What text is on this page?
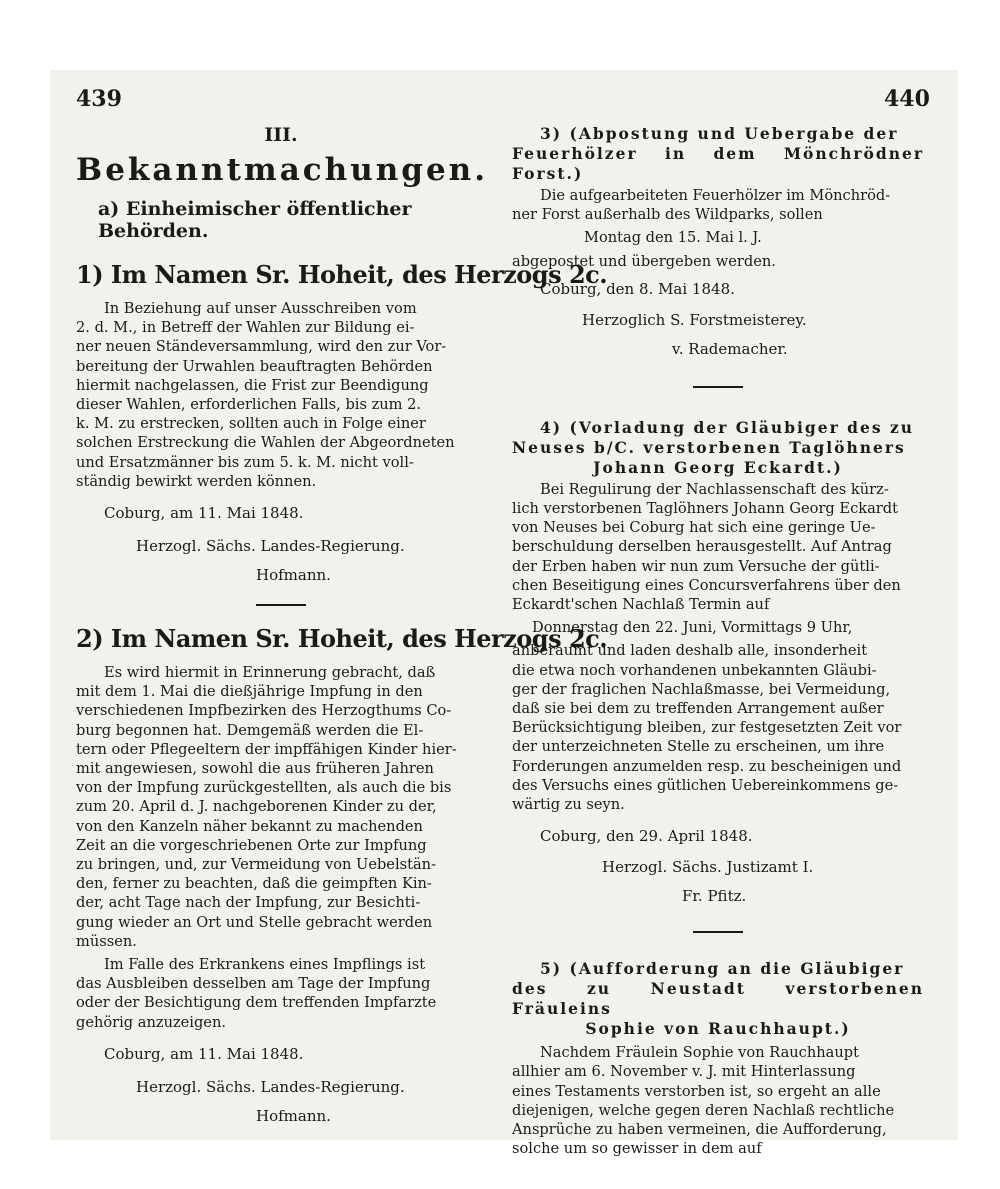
439	440

III.

Bekanntmachungen.

a) Einheimischer öffentlicher Behörden.

1) Im Namen Sr. Hoheit, des Herzogs 2c.

In Beziehung auf unser Ausschreiben vom

2. d. M., in Betreff der Wahlen zur Bildung ei-

ner neuen Ständeversammlung, wird den zur Vor-

bereitung der Urwahlen beauftragten Behörden

hiermit nachgelassen, die Frist zur Beendigung

dieser Wahlen, erforderlichen Falls, bis zum 2.

k. M. zu erstrecken, sollten auch in Folge einer

solchen Erstreckung die Wahlen der Abgeordneten

und Ersatzmänner bis zum 5. k. M. nicht voll-

ständig bewirkt werden können.

Coburg, am 11. Mai 1848.

Herzogl. Sächs. Landes-Regierung.

Hofmann.

2) Im Namen Sr. Hoheit, des Herzogs 2c.

Es wird hiermit in Erinnerung gebracht, daß

mit dem 1. Mai die dießjährige Impfung in den

verschiedenen Impfbezirken des Herzogthums Co-

burg begonnen hat. Demgemäß werden die El-

tern oder Pflegeeltern der impffähigen Kinder hier-

mit angewiesen, sowohl die aus früheren Jahren

von der Impfung zurückgestellten, als auch die bis

zum 20. April d. J. nachgeborenen Kinder zu der,

von den Kanzeln näher bekannt zu machenden

Zeit an die vorgeschriebenen Orte zur Impfung

zu bringen, und, zur Vermeidung von Uebelstän-

den, ferner zu beachten, daß die geimpften Kin-

der, acht Tage nach der Impfung, zur Besichti-

gung wieder an Ort und Stelle gebracht werden

müssen.

Im Falle des Erkrankens eines Impflings ist

das Ausbleiben desselben am Tage der Impfung

oder der Besichtigung dem treffenden Impfarzte

gehörig anzuzeigen.

Coburg, am 11. Mai 1848.

Herzogl. Sächs. Landes-Regierung.

Hofmann.

3) (Abpostung und Uebergabe der

Feuerhölzer in dem Mönchrödner Forst.)

Die aufgearbeiteten Feuerhölzer im Mönchröd-

ner Forst außerhalb des Wildparks, sollen

Montag den 15. Mai l. J.

abgepostet und übergeben werden.

Coburg, den 8. Mai 1848.

Herzoglich S. Forstmeisterey.

v. Rademacher.

4) (Vorladung der Gläubiger des zu

Neuses b/C. verstorbenen Taglöhners

Johann Georg Eckardt.)

Bei Regulirung der Nachlassenschaft des kürz-

lich verstorbenen Taglöhners Johann Georg Eckardt

von Neuses bei Coburg hat sich eine geringe Ue-

berschuldung derselben herausgestellt. Auf Antrag

der Erben haben wir nun zum Versuche der gütli-

chen Beseitigung eines Concursverfahrens über den

Eckardt'schen Nachlaß Termin auf

Donnerstag den 22. Juni, Vormittags 9 Uhr,

anberaumt und laden deshalb alle, insonderheit

die etwa noch vorhandenen unbekannten Gläubi-

ger der fraglichen Nachlaßmasse, bei Vermeidung,

daß sie bei dem zu treffenden Arrangement außer

Berücksichtigung bleiben, zur festgesetzten Zeit vor

der unterzeichneten Stelle zu erscheinen, um ihre

Forderungen anzumelden resp. zu bescheinigen und

des Versuchs eines gütlichen Uebereinkommens ge-

wärtig zu seyn.

Coburg, den 29. April 1848.

Herzogl. Sächs. Justizamt I.

Fr. Pfitz.

5) (Aufforderung an die Gläubiger

des zu Neustadt verstorbenen Fräuleins

Sophie von Rauchhaupt.)

Nachdem Fräulein Sophie von Rauchhaupt

allhier am 6. November v. J. mit Hinterlassung

eines Testaments verstorben ist, so ergeht an alle

diejenigen, welche gegen deren Nachlaß rechtliche

Ansprüche zu haben vermeinen, die Aufforderung,

solche um so gewisser in dem auf
